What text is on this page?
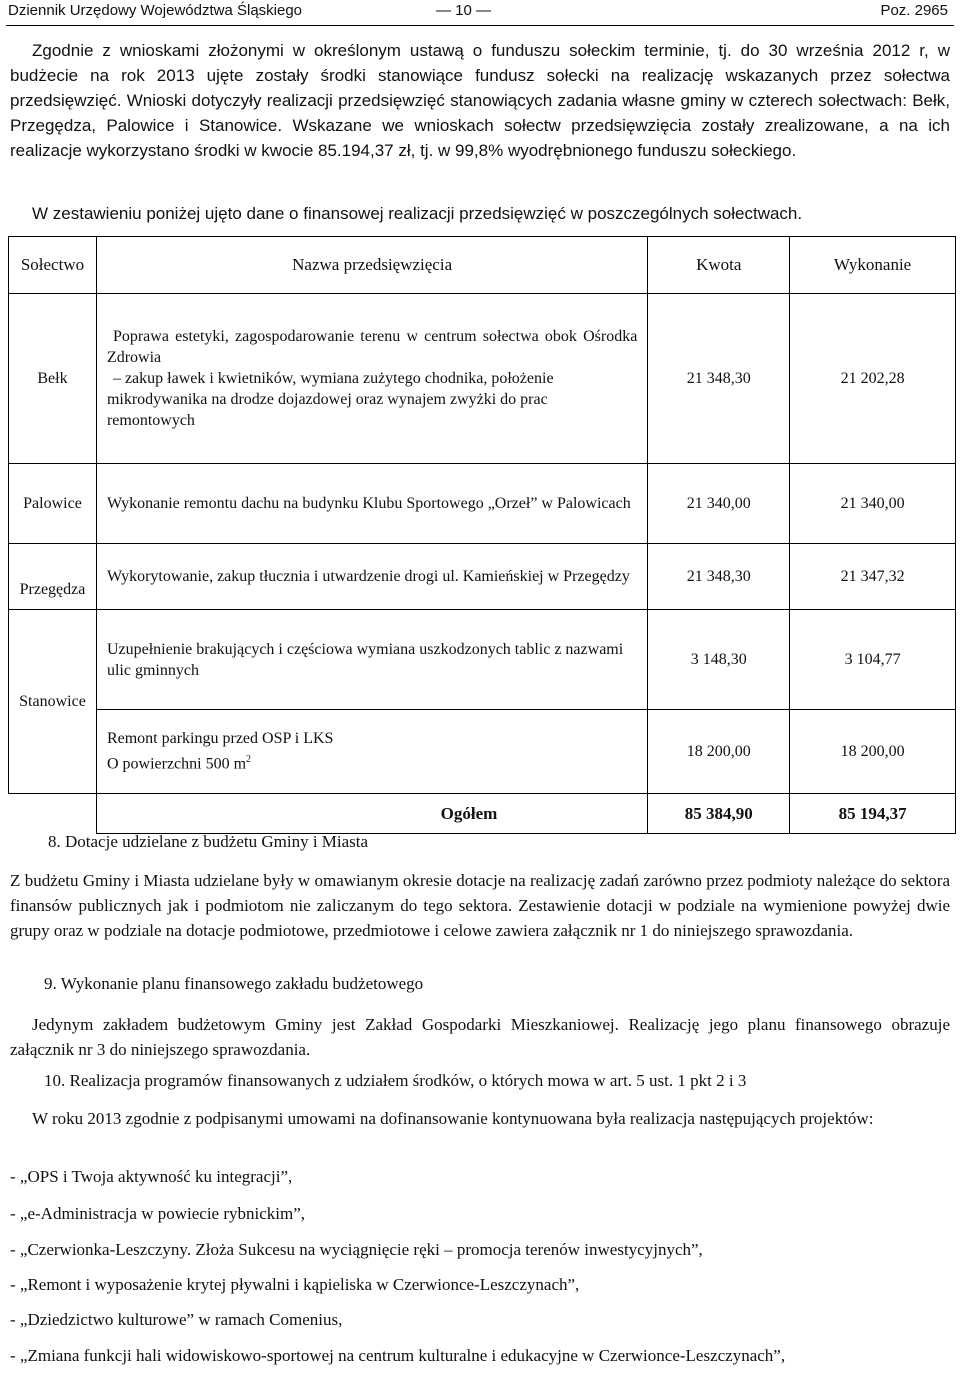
Dziennik Urzędowy Województwa Śląskiego	— 10 —	Poz. 2965
Zgodnie z wnioskami złożonymi w określonym ustawą o funduszu sołeckim terminie, tj. do 30 września 2012 r, w budżecie na rok 2013 ujęte zostały środki stanowiące fundusz sołecki na realizację wskazanych przez sołectwa przedsięwzięć. Wnioski dotyczyły realizacji przedsięwzięć stanowiących zadania własne gminy w czterech sołectwach: Bełk, Przegędza, Palowice i Stanowice. Wskazane we wnioskach sołectw przedsięwzięcia zostały zrealizowane, a na ich realizacje wykorzystano środki w kwocie 85.194,37 zł, tj. w 99,8% wyodrębnionego funduszu sołeckiego.
W zestawieniu poniżej ujęto dane o finansowej realizacji przedsięwzięć w poszczególnych sołectwach.
Sołectwo	Nazwa przedsięwzięcia	Kwota	Wykonanie
Bełk	Poprawa estetyki, zagospodarowanie terenu w centrum sołectwa obok Ośrodka Zdrowia
– zakup ławek i kwietników, wymiana zużytego chodnika, położenie mikrodywanika na drodze dojazdowej oraz wynajem zwyżki do prac remontowych	21 348,30	21 202,28
Palowice	Wykonanie remontu dachu na budynku Klubu Sportowego „Orzeł” w Palowicach	21 340,00	21 340,00
Przegędza	Wykorytowanie, zakup tłucznia i utwardzenie drogi ul. Kamieńskiej w Przegędzy	21 348,30	21 347,32
Stanowice	Uzupełnienie brakujących i częściowa wymiana uszkodzonych tablic z nazwami ulic gminnych	3 148,30	3 104,77

	Remont parkingu przed OSP i LKS
O powierzchni 500 $m^2$	18 200,00	18 200,00
	Ogółem	85 384,90	85 194,37
8. Dotacje udzielane z budżetu Gminy i Miasta
Z budżetu Gminy i Miasta udzielane były w omawianym okresie dotacje na realizację zadań zarówno przez podmioty należące do sektora finansów publicznych jak i podmiotom nie zaliczanym do tego sektora. Zestawienie dotacji w podziale na wymienione powyżej dwie grupy oraz w podziale na dotacje podmiotowe, przedmiotowe i celowe zawiera załącznik nr 1 do niniejszego sprawozdania.
9. Wykonanie planu finansowego zakładu budżetowego
Jedynym zakładem budżetowym Gminy jest Zakład Gospodarki Mieszkaniowej. Realizację jego planu finansowego obrazuje załącznik nr 3 do niniejszego sprawozdania.
10. Realizacja programów finansowanych z udziałem środków, o których mowa w art. 5 ust. 1 pkt 2 i 3
W roku 2013 zgodnie z podpisanymi umowami na dofinansowanie kontynuowana była realizacja następujących projektów:
- „OPS i Twoja aktywność ku integracji”,
- „e-Administracja w powiecie rybnickim”,
- „Czerwionka-Leszczyny. Złoża Sukcesu na wyciągnięcie ręki – promocja terenów inwestycyjnych”,
- „Remont i wyposażenie krytej pływalni i kąpieliska w Czerwionce-Leszczynach”,
- „Dziedzictwo kulturowe” w ramach Comenius,
- „Zmiana funkcji hali widowiskowo-sportowej na centrum kulturalne i edukacyjne w Czerwionce-Leszczynach”,
